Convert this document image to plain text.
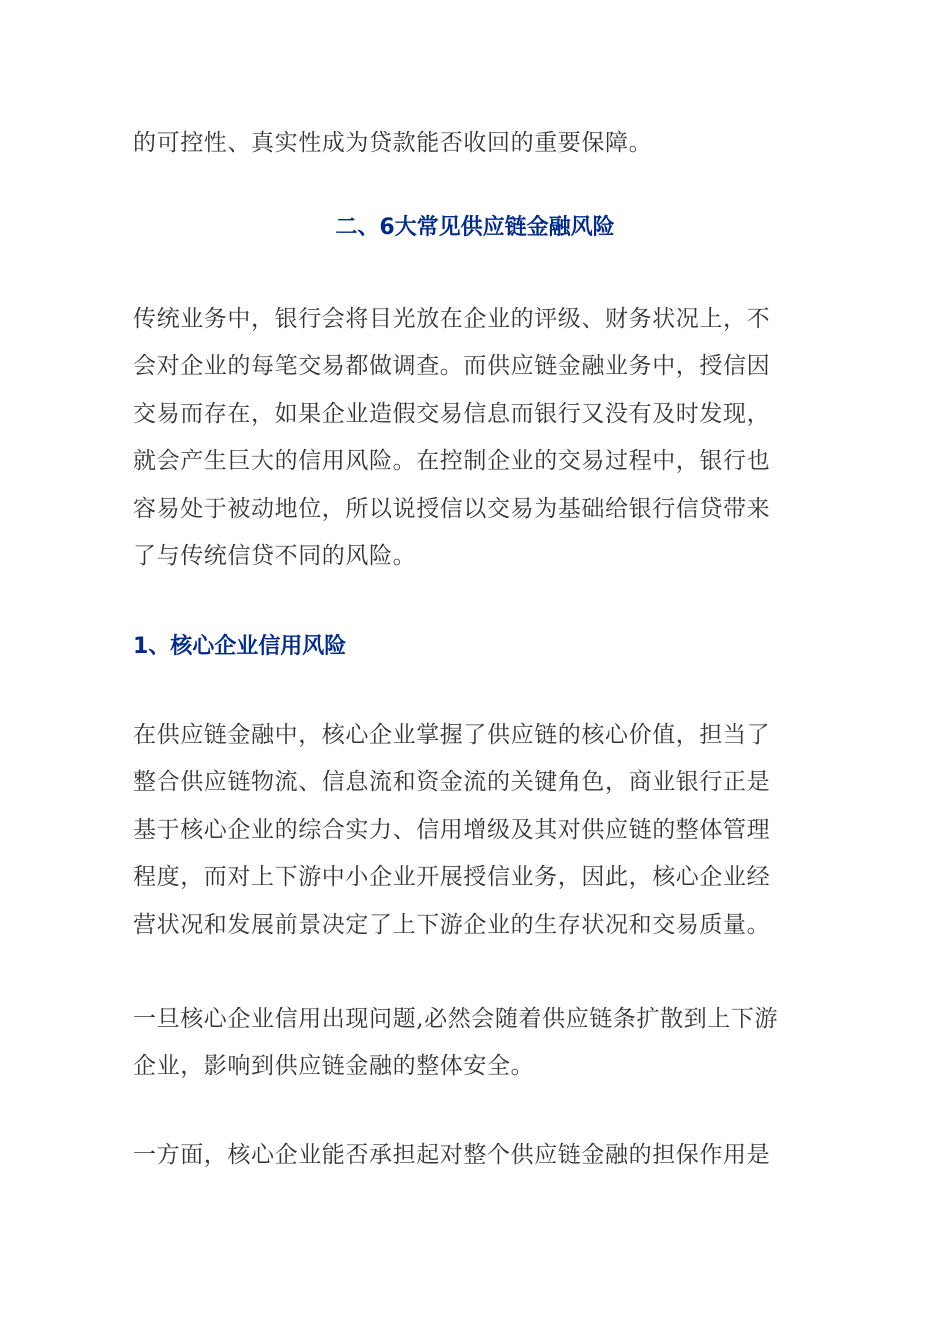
的可控性、真实性成为贷款能否收回的重要保障。

二、6大常见供应链金融风险

传统业务中，银行会将目光放在企业的评级、财务状况上，不

会对企业的每笔交易都做调查。而供应链金融业务中，授信因

交易而存在，如果企业造假交易信息而银行又没有及时发现，

就会产生巨大的信用风险。在控制企业的交易过程中，银行也

容易处于被动地位，所以说授信以交易为基础给银行信贷带来

了与传统信贷不同的风险。

1、核心企业信用风险

在供应链金融中，核心企业掌握了供应链的核心价值，担当了

整合供应链物流、信息流和资金流的关键角色，商业银行正是

基于核心企业的综合实力、信用增级及其对供应链的整体管理

程度，而对上下游中小企业开展授信业务，因此，核心企业经

营状况和发展前景决定了上下游企业的生存状况和交易质量。

一旦核心企业信用出现问题,必然会随着供应链条扩散到上下游

企业，影响到供应链金融的整体安全。

一方面，核心企业能否承担起对整个供应链金融的担保作用是
